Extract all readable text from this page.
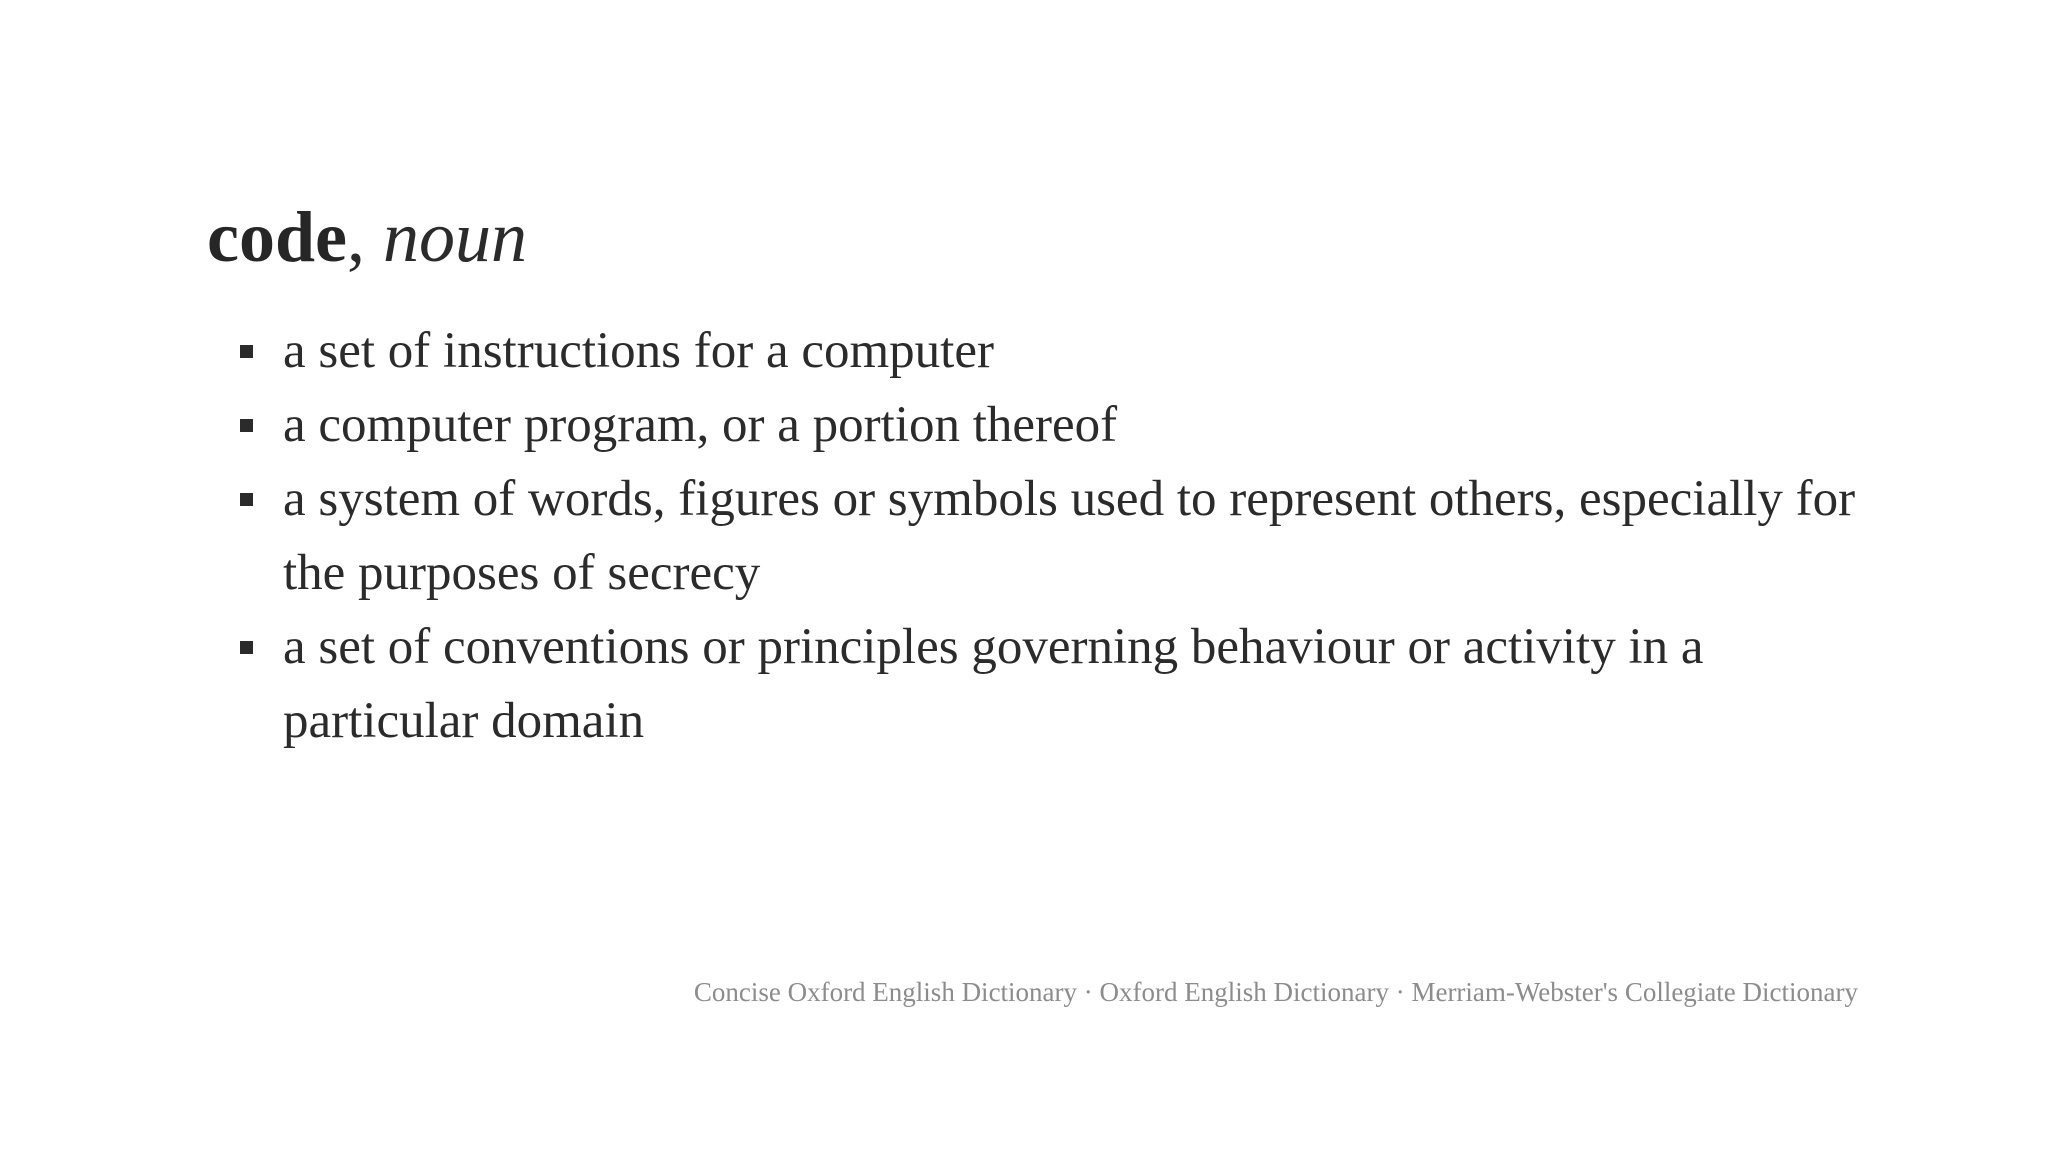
code, noun
a set of instructions for a computer
a computer program, or a portion thereof
a system of words, figures or symbols used to represent others, especially for the purposes of secrecy
a set of conventions or principles governing behaviour or activity in a particular domain

Concise Oxford English Dictionary · Oxford English Dictionary · Merriam-Webster's Collegiate Dictionary
